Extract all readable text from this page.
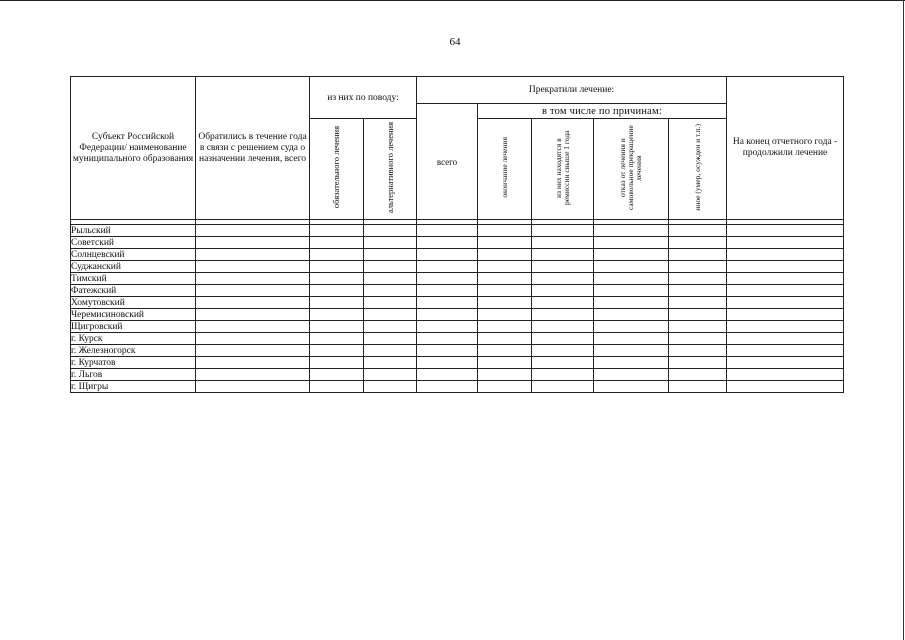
64
Субъект Российской Федерации/ наименование муниципального образования	Обратились в течение года в связи с решением суда о назначении лечения, всего	из них по поводу:		Прекратили лечение:					На конец отчетного года - продолжили лечение
				всего	в том числе по причинам:				
		обязательного лечения	альтернативного лечения		окончание лечения	из них находятся в ремиссии свыше 1 года	отказ от лечения и самовольное прекращение лечения	иное (умер, осужден и т.п.)	

Рыльский									
Советский									
Солнцевский									
Суджанский									
Тимский									
Фатежский									
Хомутовский									
Черемисиновский									
Щигровский									
г. Курск									
г. Железногорск									
г. Курчатов									
г. Льгов									
г. Щигры									
